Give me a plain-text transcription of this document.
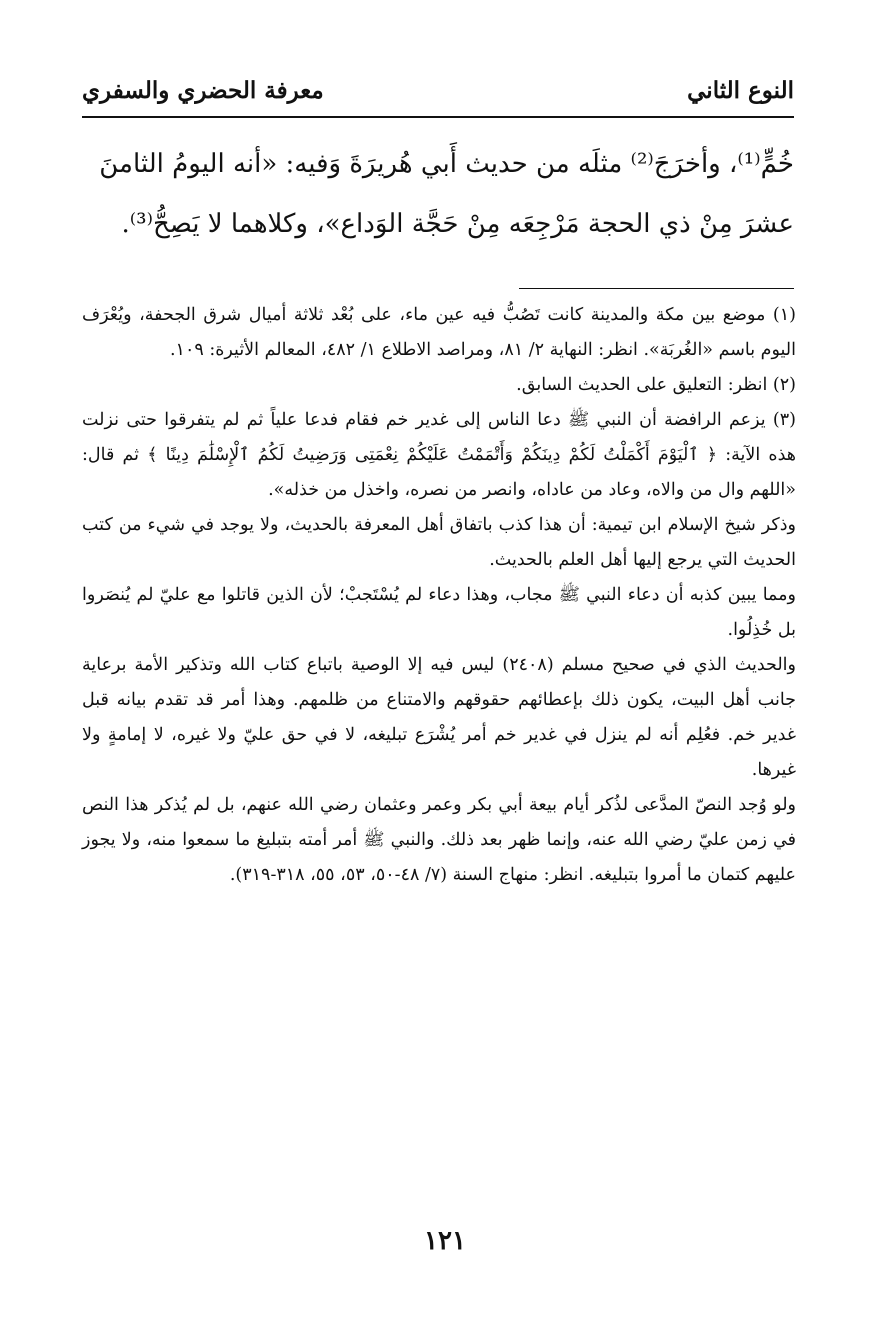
النوع الثاني
معرفة الحضري والسفري

خُمٍّ⁽¹⁾، وأخرَجَ⁽²⁾ مثلَه من حديث أَبي هُريرَةَ وَفيه: «أنه اليومُ الثامنَ

عشرَ مِنْ ذي الحجة مَرْجِعَه مِنْ حَجَّة الوَداع»، وكلاهما لا يَصِحُّ⁽³⁾.

(١) موضع بين مكة والمدينة كانت تَصُبُّ فيه عين ماء، على بُعْد ثلاثة أميال شرق الجحفة، ويُعْرَف اليوم باسم «الغُربَة». انظر: النهاية ٢/ ٨١، ومراصد الاطلاع ١/ ٤٨٢، المعالم الأثيرة: ١٠٩.

(٢) انظر: التعليق على الحديث السابق.

(٣) يزعم الرافضة أن النبي ﷺ دعا الناس إلى غدير خم فقام فدعا علياً ثم لم يتفرقوا حتى نزلت هذه الآية: ﴿ ٱلْيَوْمَ أَكْمَلْتُ لَكُمْ دِينَكُمْ وَأَتْمَمْتُ عَلَيْكُمْ نِعْمَتِى وَرَضِيتُ لَكُمُ ٱلْإِسْلَٰمَ دِينًا ﴾ ثم قال: «اللهم وال من والاه، وعاد من عاداه، وانصر من نصره، واخذل من خذله».

وذكر شيخ الإسلام ابن تيمية: أن هذا كذب باتفاق أهل المعرفة بالحديث، ولا يوجد في شيء من كتب الحديث التي يرجع إليها أهل العلم بالحديث.

ومما يبين كذبه أن دعاء النبي ﷺ مجاب، وهذا دعاء لم يُسْتَجبْ؛ لأن الذين قاتلوا مع عليّ لم يُنصَروا بل خُذِلُوا.

والحديث الذي في صحيح مسلم (٢٤٠٨) ليس فيه إلا الوصية باتباع كتاب الله وتذكير الأمة برعاية جانب أهل البيت، يكون ذلك بإعطائهم حقوقهم والامتناع من ظلمهم. وهذا أمر قد تقدم بيانه قبل غدير خم. فعُلِم أنه لم ينزل في غدير خم أمر يُشْرَع تبليغه، لا في حق عليّ ولا غيره، لا إمامةٍ ولا غيرها.

ولو وُجد النصّ المدَّعى لذُكر أيام بيعة أبي بكر وعمر وعثمان رضي الله عنهم، بل لم يُذكر هذا النص في زمن عليّ رضي الله عنه، وإنما ظهر بعد ذلك. والنبي ﷺ أمر أمته بتبليغ ما سمعوا منه، ولا يجوز عليهم كتمان ما أمروا بتبليغه. انظر: منهاج السنة (٧/ ٤٨-٥٠، ٥٣، ٥٥، ٣١٨-٣١٩).

١٢١
